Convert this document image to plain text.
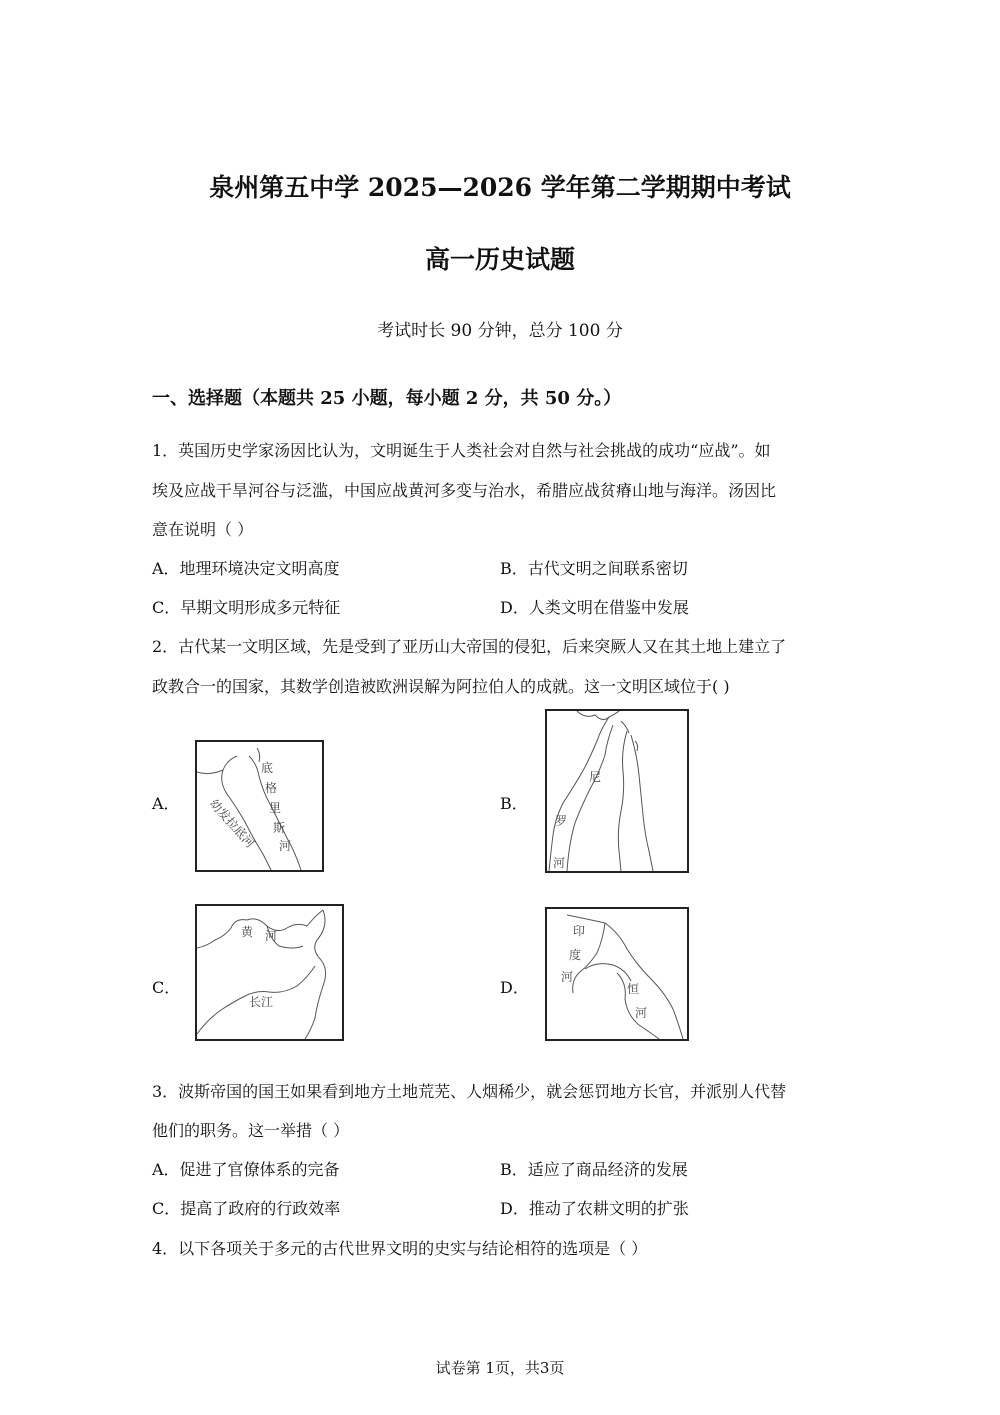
泉州第五中学 2025—2026 学年第二学期期中考试
高一历史试题
考试时长 90 分钟，总分 100 分
一、选择题（本题共 25 小题，每小题 2 分，共 50 分。）
1．英国历史学家汤因比认为，文明诞生于人类社会对自然与社会挑战的成功“应战”。如
埃及应战干旱河谷与泛滥，中国应战黄河多变与治水，希腊应战贫瘠山地与海洋。汤因比
意在说明（ ）
A．地理环境决定文明高度	B．古代文明之间联系密切
C．早期文明形成多元特征	D．人类文明在借鉴中发展
2．古代某一文明区域，先是受到了亚历山大帝国的侵犯，后来突厥人又在其土地上建立了
政教合一的国家，其数学创造被欧洲误解为阿拉伯人的成就。这一文明区域位于( )
A．
底
格
里
斯
河
幼发拉底河	B．
尼
罗
河
C．
黄 河
长江
D．
印
度
河
恒
河
3．波斯帝国的国王如果看到地方土地荒芜、人烟稀少，就会惩罚地方长官，并派别人代替
他们的职务。这一举措（ ）
A．促进了官僚体系的完备	B．适应了商品经济的发展
C．提高了政府的行政效率	D．推动了农耕文明的扩张
4．以下各项关于多元的古代世界文明的史实与结论相符的选项是（ ）
试卷第 1页，共3页
